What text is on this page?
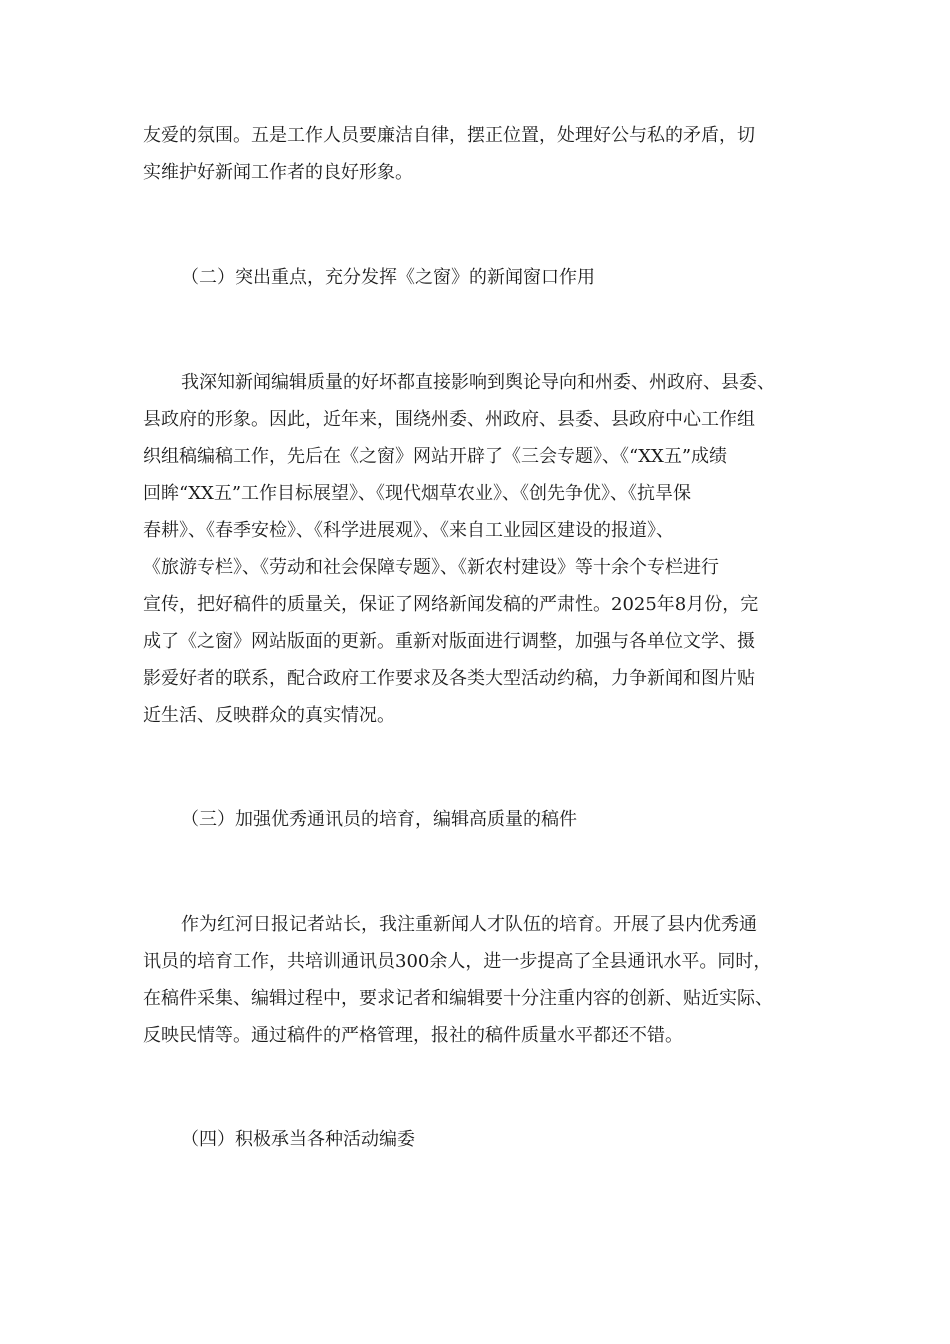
友爱的氛围。五是工作人员要廉洁自律，摆正位置，处理好公与私的矛盾，切
实维护好新闻工作者的良好形象。
（二）突出重点，充分发挥《之窗》的新闻窗口作用
我深知新闻编辑质量的好坏都直接影响到舆论导向和州委、州政府、县委、
县政府的形象。因此，近年来，围绕州委、州政府、县委、县政府中心工作组
织组稿编稿工作，先后在《之窗》网站开辟了《三会专题》、《“XX五”成绩
回眸“XX五”工作目标展望》、《现代烟草农业》、《创先争优》、《抗旱保
春耕》、《春季安检》、《科学进展观》、《来自工业园区建设的报道》、
《旅游专栏》、《劳动和社会保障专题》、《新农村建设》等十余个专栏进行
宣传，把好稿件的质量关，保证了网络新闻发稿的严肃性。2025年8月份，完
成了《之窗》网站版面的更新。重新对版面进行调整，加强与各单位文学、摄
影爱好者的联系，配合政府工作要求及各类大型活动约稿，力争新闻和图片贴
近生活、反映群众的真实情况。
（三）加强优秀通讯员的培育，编辑高质量的稿件
作为红河日报记者站长，我注重新闻人才队伍的培育。开展了县内优秀通
讯员的培育工作，共培训通讯员300余人，进一步提高了全县通讯水平。同时，
在稿件采集、编辑过程中，要求记者和编辑要十分注重内容的创新、贴近实际、
反映民情等。通过稿件的严格管理，报社的稿件质量水平都还不错。
（四）积极承当各种活动编委
